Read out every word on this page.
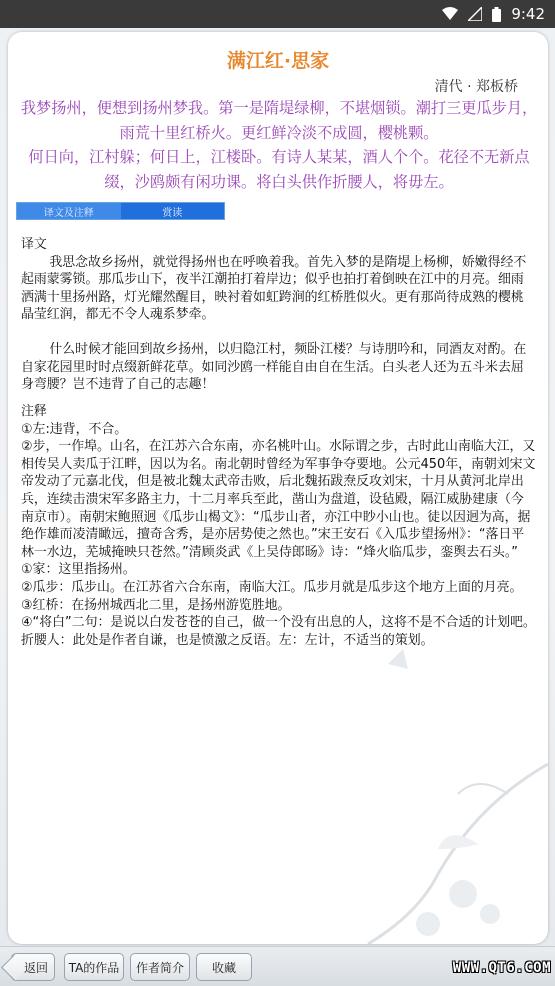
9:42
满江红·思家
清代 · 郑板桥
我梦扬州，便想到扬州梦我。第一是隋堤绿柳，不堪烟锁。潮打三更瓜步月，雨荒十里红桥火。更红鲜冷淡不成圆，樱桃颗。
何日向，江村躲；何日上，江楼卧。有诗人某某，酒人个个。花径不无新点缀，沙鸥颇有闲功课。将白头供作折腰人，将毋左。
译文及注释	赏读
译文
我思念故乡扬州，就觉得扬州也在呼唤着我。首先入梦的是隋堤上杨柳，娇嫩得经不起雨蒙雾锁。那瓜步山下，夜半江潮拍打着岸边；似乎也拍打着倒映在江中的月亮。细雨洒满十里扬州路，灯光耀然醒目，映衬着如虹跨涧的红桥胜似火。更有那尚待成熟的樱桃晶莹红润，都无不令人魂系梦牵。
什么时候才能回到故乡扬州，以归隐江村，频卧江楼？与诗朋吟和，同酒友对酌。在自家花园里时时点缀新鲜花草。如同沙鸥一样能自由自在生活。白头老人还为五斗米去屈身弯腰？岂不违背了自己的志趣！
注释
①左:违背，不合。
②步，一作埠。山名，在江苏六合东南，亦名桃叶山。水际谓之步，古时此山南临大江，又相传吴人卖瓜于江畔，因以为名。南北朝时曾经为军事争夺要地。公元450年，南朝刘宋文帝发动了元嘉北伐，但是被北魏太武帝击败，后北魏拓跋焘反攻刘宋，十月从黄河北岸出兵，连续击溃宋军多路主力，十二月率兵至此，凿山为盘道，设毡殿，隔江威胁建康（今南京市）。南朝宋鲍照迥《瓜步山楬文》：“瓜步山者，亦江中眇小山也。徒以因迥为高，据绝作雄而凌清瞰远，擅奇含秀，是亦居势使之然也。”宋王安石《入瓜步望扬州》：“落日平林一水边，芜城掩映只苍然。”清顾炎武《上吴侍郎旸》诗：“烽火临瓜步，銮舆去石头。”
①家：这里指扬州。
②瓜步：瓜步山。在江苏省六合东南，南临大江。瓜步月就是瓜步这个地方上面的月亮。
③红桥：在扬州城西北二里，是扬州游览胜地。
④“将白”二句：是说以白发苍苍的自己，做一个没有出息的人，这将不是不合适的计划吧。折腰人：此处是作者自谦，也是愤激之反语。左：左计，不适当的策划。
返回	TA的作品	作者简介	收藏	WWW.QT6.COM
